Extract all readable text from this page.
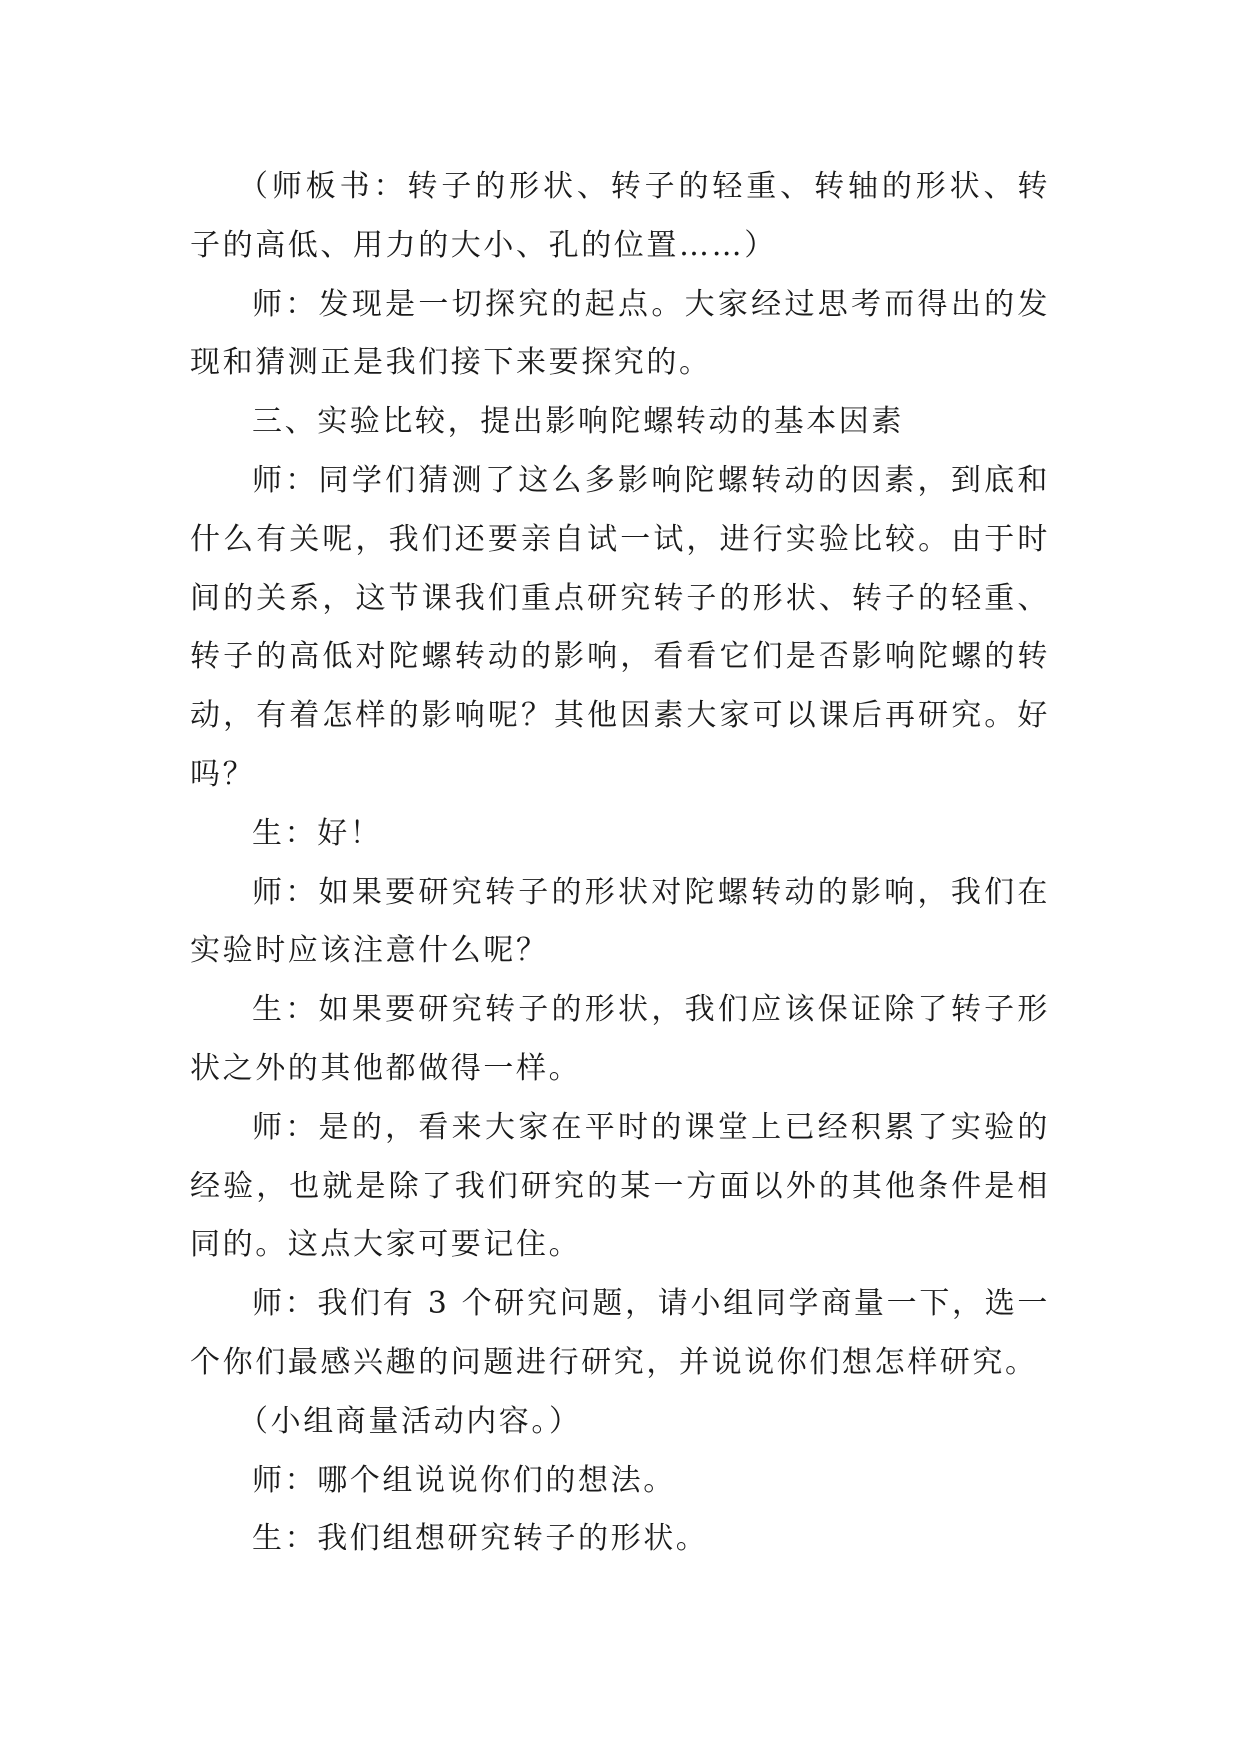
（师板书：转子的形状、转子的轻重、转轴的形状、转子的高低、用力的大小、孔的位置……）

师：发现是一切探究的起点。大家经过思考而得出的发现和猜测正是我们接下来要探究的。

三、实验比较，提出影响陀螺转动的基本因素

师：同学们猜测了这么多影响陀螺转动的因素，到底和什么有关呢，我们还要亲自试一试，进行实验比较。由于时间的关系，这节课我们重点研究转子的形状、转子的轻重、转子的高低对陀螺转动的影响，看看它们是否影响陀螺的转动，有着怎样的影响呢？其他因素大家可以课后再研究。好吗？

生：好！

师：如果要研究转子的形状对陀螺转动的影响，我们在实验时应该注意什么呢？

生：如果要研究转子的形状，我们应该保证除了转子形状之外的其他都做得一样。

师：是的，看来大家在平时的课堂上已经积累了实验的经验，也就是除了我们研究的某一方面以外的其他条件是相同的。这点大家可要记住。

师：我们有 3 个研究问题，请小组同学商量一下，选一个你们最感兴趣的问题进行研究，并说说你们想怎样研究。

（小组商量活动内容。）

师：哪个组说说你们的想法。

生：我们组想研究转子的形状。
